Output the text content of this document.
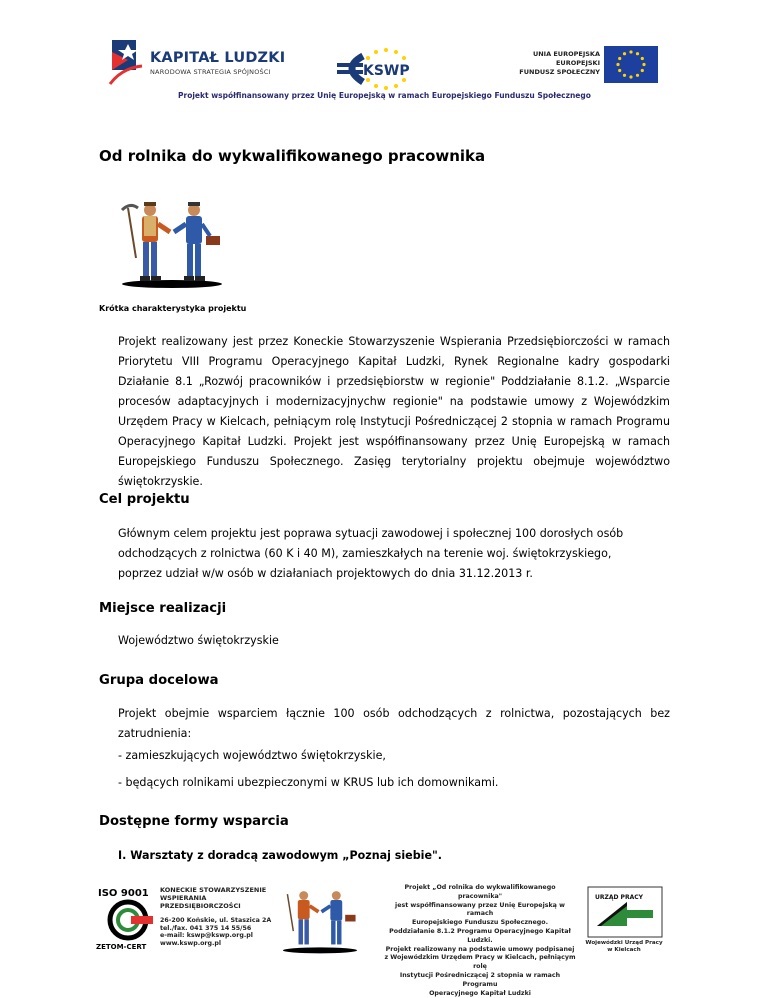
KAPITAŁ LUDZKI
NARODOWA STRATEGIA SPÓJNOŚCI	KSWP
UNIA EUROPEJSKA
EUROPEJSKI
FUNDUSZ SPOŁECZNY
Projekt współfinansowany przez Unię Europejską w ramach Europejskiego Funduszu Społecznego
Od rolnika do wykwalifikowanego pracownika
Krótka charakterystyka projektu
Projekt realizowany jest przez Koneckie Stowarzyszenie Wspierania Przedsiębiorczości w ramach Priorytetu VIII Programu Operacyjnego Kapitał Ludzki, Rynek Regionalne kadry gospodarki Działanie 8.1 „Rozwój pracowników i przedsiębiorstw w regionie" Poddziałanie 8.1.2. „Wsparcie procesów adaptacyjnych i modernizacyjnychw regionie" na podstawie umowy z Wojewódzkim Urzędem Pracy w Kielcach, pełniącym rolę Instytucji Pośredniczącej 2 stopnia w ramach Programu Operacyjnego Kapitał Ludzki. Projekt jest współfinansowany przez Unię Europejską w ramach Europejskiego Funduszu Społecznego. Zasięg terytorialny projektu obejmuje województwo świętokrzyskie.
Cel projektu
Głównym celem projektu jest poprawa sytuacji zawodowej i społecznej 100 dorosłych osób
odchodzących z rolnictwa (60 K i 40 M), zamieszkałych na terenie woj. świętokrzyskiego,
poprzez udział w/w osób w działaniach projektowych do dnia 31.12.2013 r.
Miejsce realizacji
Województwo świętokrzyskie
Grupa docelowa
Projekt obejmie wsparciem łącznie 100 osób odchodzących z rolnictwa, pozostających bez zatrudnienia:
- zamieszkujących województwo świętokrzyskie,
- będących rolnikami ubezpieczonymi w KRUS lub ich domownikami.
Dostępne formy wsparcia
I. Warsztaty z doradcą zawodowym „Poznaj siebie".
ISO 9001
ZETOM-CERT
KONECKIE STOWARZYSZENIE WSPIERANIA PRZEDSIĘBIORCZOŚCI
26-200 Końskie, ul. Staszica 2A
tel./fax. 041 375 14 55/56
e-mail: kswp@kswp.org.pl
www.kswp.org.pl
Projekt „Od rolnika do wykwalifikowanego pracownika"
jest współfinansowany przez Unię Europejską w ramach
Europejskiego Funduszu Społecznego.
Poddziałanie 8.1.2 Programu Operacyjnego Kapitał Ludzki.
Projekt realizowany na podstawie umowy podpisanej
z Wojewódzkim Urzędem Pracy w Kielcach, pełniącym rolę
Instytucji Pośredniczącej 2 stopnia w ramach Programu
Operacyjnego Kapitał Ludzki
URZĄD PRACY
Wojewódzki Urząd Pracy
w Kielcach
